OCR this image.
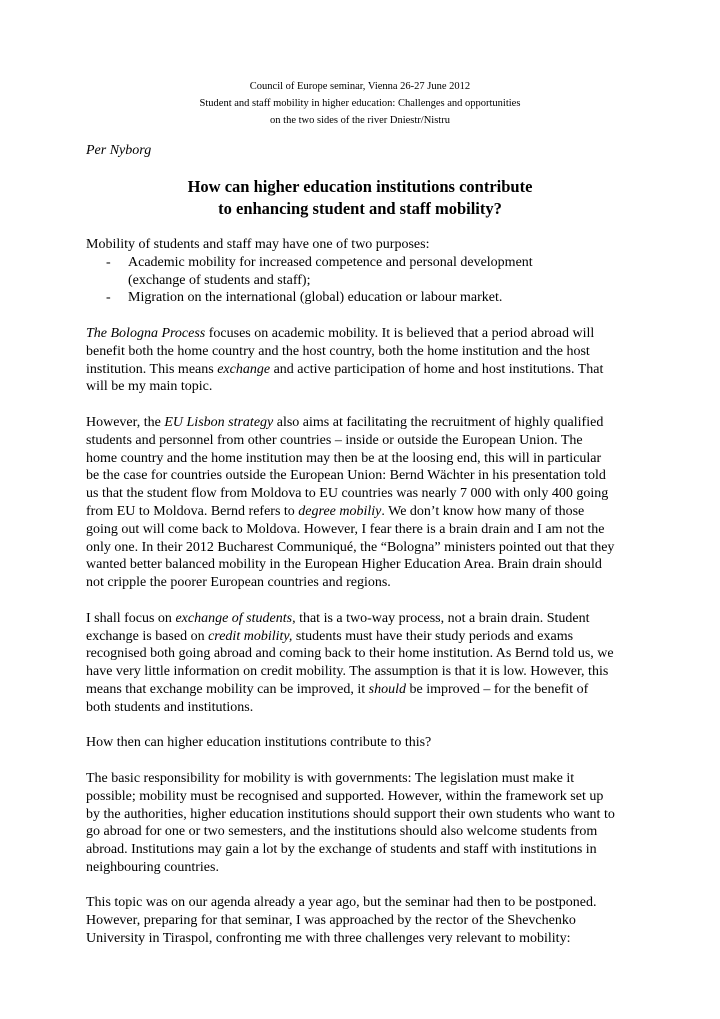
Council of Europe seminar, Vienna 26-27 June 2012
Student and staff mobility in higher education: Challenges and opportunities
on the two sides of the river Dniestr/Nistru
Per Nyborg
How can higher education institutions contribute
to enhancing student and staff mobility?
Mobility of students and staff may have one of two purposes:
- Academic mobility for increased competence and personal development
(exchange of students and staff);
- Migration on the international (global) education or labour market.
The Bologna Process focuses on academic mobility. It is believed that a period abroad will
benefit both the home country and the host country, both the home institution and the host
institution. This means exchange and active participation of home and host institutions. That
will be my main topic.
However, the EU Lisbon strategy also aims at facilitating the recruitment of highly qualified
students and personnel from other countries – inside or outside the European Union. The
home country and the home institution may then be at the loosing end, this will in particular
be the case for countries outside the European Union: Bernd Wächter in his presentation told
us that the student flow from Moldova to EU countries was nearly 7 000 with only 400 going
from EU to Moldova. Bernd refers to degree mobiliy. We don’t know how many of those
going out will come back to Moldova. However, I fear there is a brain drain and I am not the
only one. In their 2012 Bucharest Communiqué, the “Bologna” ministers pointed out that they
wanted better balanced mobility in the European Higher Education Area. Brain drain should
not cripple the poorer European countries and regions.
I shall focus on exchange of students, that is a two-way process, not a brain drain. Student
exchange is based on credit mobility, students must have their study periods and exams
recognised both going abroad and coming back to their home institution. As Bernd told us, we
have very little information on credit mobility. The assumption is that it is low. However, this
means that exchange mobility can be improved, it should be improved – for the benefit of
both students and institutions.
How then can higher education institutions contribute to this?
The basic responsibility for mobility is with governments: The legislation must make it
possible; mobility must be recognised and supported. However, within the framework set up
by the authorities, higher education institutions should support their own students who want to
go abroad for one or two semesters, and the institutions should also welcome students from
abroad. Institutions may gain a lot by the exchange of students and staff with institutions in
neighbouring countries.
This topic was on our agenda already a year ago, but the seminar had then to be postponed.
However, preparing for that seminar, I was approached by the rector of the Shevchenko
University in Tiraspol, confronting me with three challenges very relevant to mobility:
